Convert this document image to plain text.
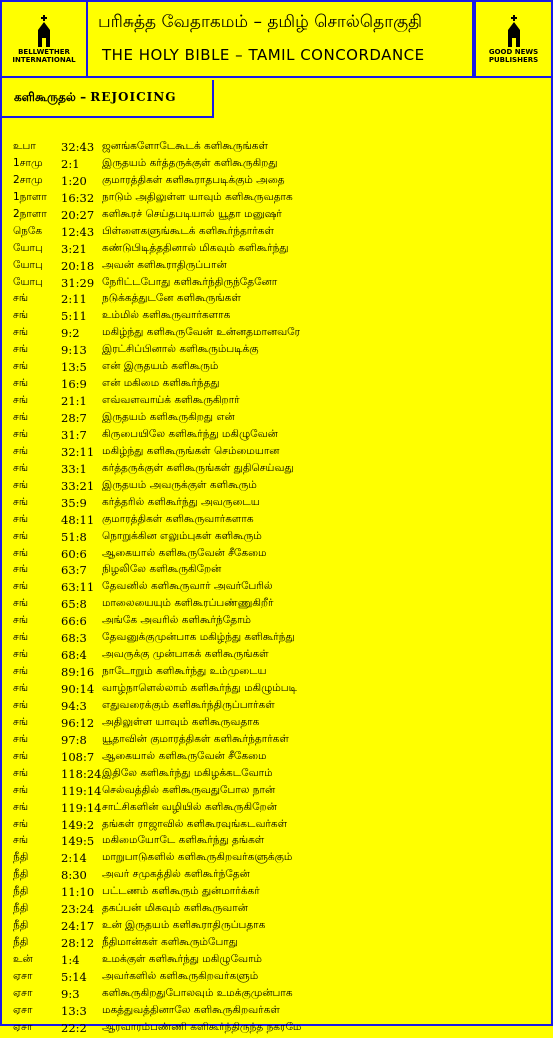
BELLWETHER
INTERNATIONAL
பரிசுத்த வேதாகமம் – தமிழ் சொல்தொகுதி
THE HOLY BIBLE – TAMIL CONCORDANCE	GOOD NEWS
PUBLISHERS
களிகூருதல் – REJOICING
உபா 32:43 ஜனங்களோடேகூடக் களிகூருங்கள்
1சாமு 2:1 இருதயம் கர்த்தருக்குள் களிகூருகிறது
2சாமு 1:20 குமாரத்திகள் களிகூராதபடிக்கும் அதை
1நாளா 16:32 நாடும் அதிலுள்ள யாவும் களிகூருவதாக
2நாளா 20:27 களிகூரச் செய்தபடியால் யூதா மனுஷர்
நெகே 12:43 பிள்ளைகளுங்கூடக் களிகூர்ந்தார்கள்
யோபு 3:21 கண்டுபிடித்ததினால் மிகவும் களிகூர்ந்து
யோபு 20:18 அவன் களிகூராதிருப்பான்
யோபு 31:29 நேரிட்டபோது களிகூர்ந்திருந்தேனோ
சங்	2:11 நடுக்கத்துடனே களிகூருங்கள்
சங்	5:11 உம்மில் களிகூருவார்களாக
சங்	9:2 மகிழ்ந்து களிகூருவேன் உன்னதமானவரே
சங்	9:13 இரட்சிப்பினால் களிகூரும்படிக்கு
சங்	13:5 என் இருதயம் களிகூரும்
சங்	16:9 என் மகிமை களிகூர்ந்தது
சங்	21:1 எவ்வளவாய்க் களிகூருகிறார்
சங்	28:7 இருதயம் களிகூருகிறது என்
சங்	31:7 கிருபையிலே களிகூர்ந்து மகிழுவேன்
சங்	32:11 மகிழ்ந்து களிகூருங்கள் செம்மையான
சங்	33:1 கர்த்தருக்குள் களிகூருங்கள் துதிசெய்வது
சங்	33:21 இருதயம் அவருக்குள் களிகூரும்
சங்	35:9 கர்த்தரில் களிகூர்ந்து அவருடைய
சங்	48:11 குமாரத்திகள் களிகூருவார்களாக
சங்	51:8 நொறுக்கின எலும்புகள் களிகூரும்
சங்	60:6 ஆகையால் களிகூருவேன் சீகேமை
சங்	63:7 நிழலிலே களிகூருகிறேன்
சங்	63:11 தேவனில் களிகூருவார் அவர்பேரில்
சங்	65:8 மாலையையும் களிகூரப்பண்ணுகிறீர்
சங்	66:6 அங்கே அவரில் களிகூர்ந்தோம்
சங்	68:3 தேவனுக்குமுன்பாக மகிழ்ந்து களிகூர்ந்து
சங்	68:4 அவருக்கு முன்பாகக் களிகூருங்கள்
சங்	89:16 நாடோறும் களிகூர்ந்து உம்முடைய
சங்	90:14 வாழ்நாளெல்லாம் களிகூர்ந்து மகிழும்படி
சங்	94:3 எதுவரைக்கும் களிகூர்ந்திருப்பார்கள்
சங்	96:12 அதிலுள்ள யாவும் களிகூருவதாக
சங்	97:8 யூதாவின் குமாரத்திகள் களிகூர்ந்தார்கள்
சங்	108:7 ஆகையால் களிகூருவேன் சீகேமை
சங்	118:24 இதிலே களிகூர்ந்து மகிழக்கடவோம்
சங்	119:14 செல்வத்தில் களிகூருவதுபோல நான்
சங்	119:14 சாட்சிகளின் வழியில் களிகூருகிறேன்
சங்	149:2 தங்கள் ராஜாவில் களிகூரவுங்கடவர்கள்
சங்	149:5 மகிமையோடே களிகூர்ந்து தங்கள்
நீதி	2:14 மாறுபாடுகளில் களிகூருகிறவர்களுக்கும்
நீதி	8:30 அவர் சமுகத்தில் களிகூர்ந்தேன்
நீதி	11:10 பட்டணம் களிகூரும் துன்மார்க்கர்
நீதி	23:24 தகப்பன் மிகவும் களிகூருவான்
நீதி	24:17 உன் இருதயம் களிகூராதிருப்பதாக
நீதி	28:12 நீதிமான்கள் களிகூரும்போது
உன் 1:4 உமக்குள் களிகூர்ந்து மகிழுவோம்
ஏசா 5:14 அவர்களில் களிகூருகிறவர்களும்
ஏசா 9:3 களிகூருகிறதுபோலவும் உமக்குமுன்பாக
ஏசா 13:3 மகத்துவத்தினாலே களிகூருகிறவர்கள்
ஏசா 22:2 ஆரவாரம்பண்ணி களிகூர்ந்திருந்த நகரமே
